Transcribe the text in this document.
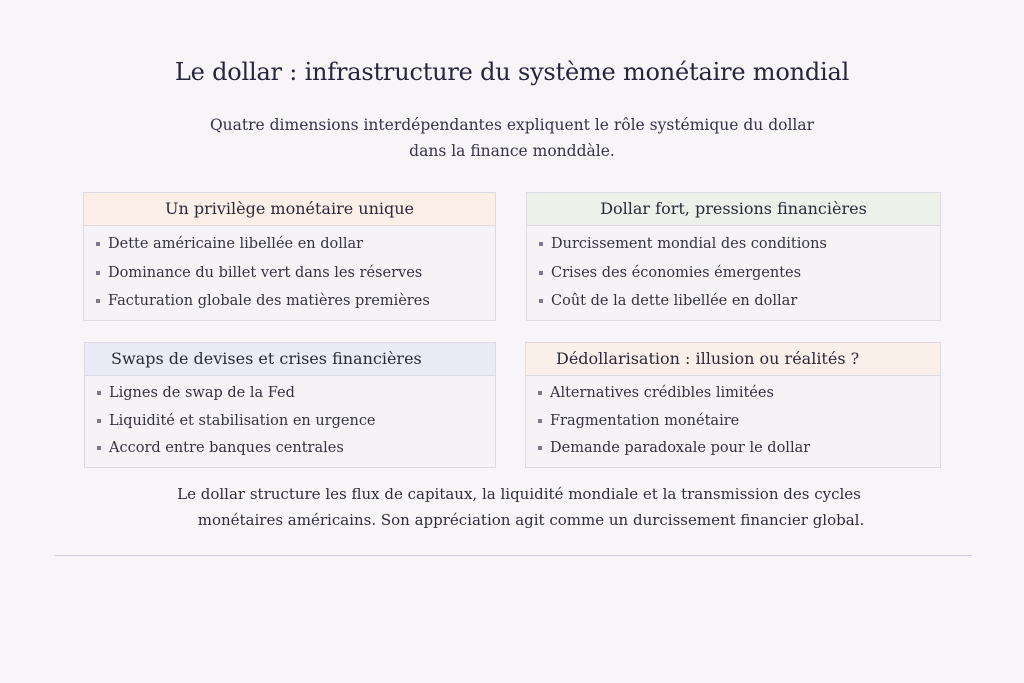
Le dollar : infrastructure du système monétaire mondial
Quatre dimensions interdépendantes expliquent le rôle systémique du dollar
dans la finance monddàle.
Un privilège monétaire unique
Dette américaine libellée en dollar
Dominance du billet vert dans les réserves
Facturation globale des matières premières
Dollar fort, pressions financières
Durcissement mondial des conditions
Crises des économies émergentes
Coût de la dette libellée en dollar
Swaps de devises et crises financières
Lignes de swap de la Fed
Liquidité et stabilisation en urgence
Accord entre banques centrales
Dédollarisation : illusion ou réalités ?
Alternatives crédibles limitées
Fragmentation monétaire
Demande paradoxale pour le dollar
Le dollar structure les flux de capitaux, la liquidité mondiale et la transmission des cycles
monétaires américains. Son appréciation agit comme un durcissement financier global.
